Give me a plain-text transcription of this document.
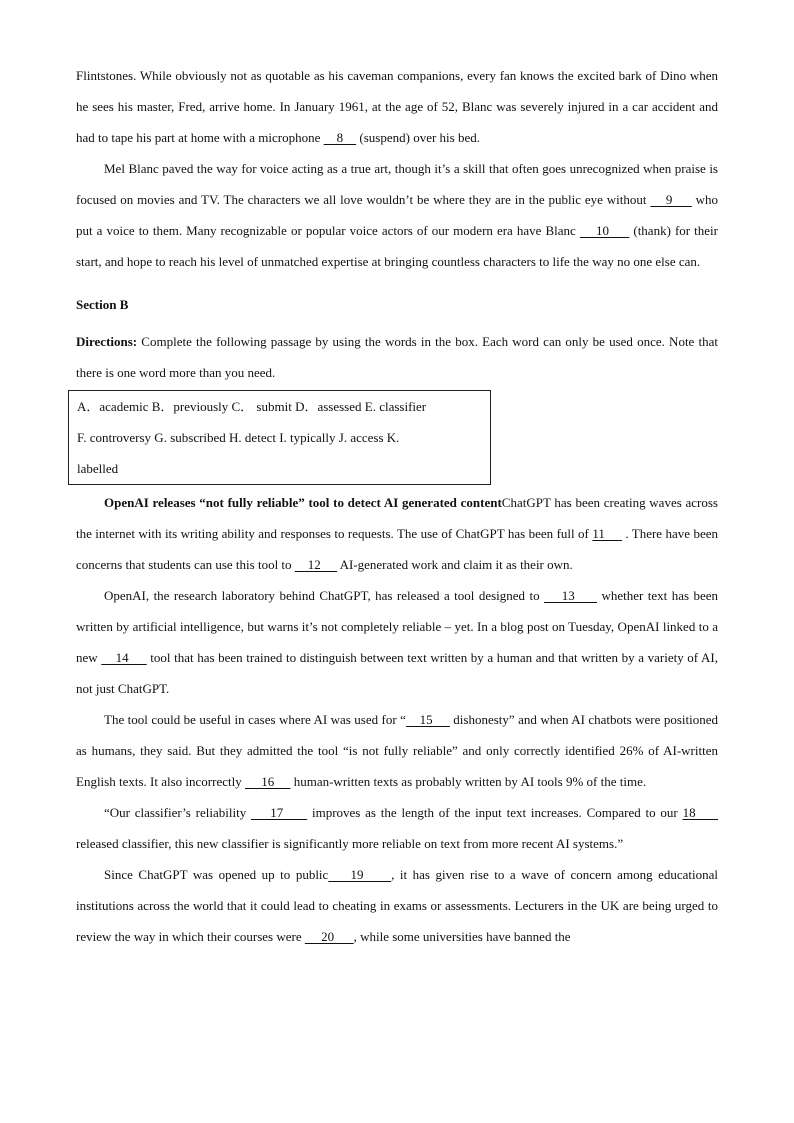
Flintstones. While obviously not as quotable as his caveman companions, every fan knows the excited bark of Dino when he sees his master, Fred, arrive home. In January 1961, at the age of 52, Blanc was severely injured in a car accident and had to tape his part at home with a microphone     8     (suspend) over his bed.

Mel Blanc paved the way for voice acting as a true art, though it’s a skill that often goes unrecognized when praise is focused on movies and TV. The characters we all love wouldn’t be where they are in the public eye without     9      who put a voice to them. Many recognizable or popular voice actors of our modern era have Blanc     10      (thank) for their start, and hope to reach his level of unmatched expertise at bringing countless characters to life the way no one else can.

Section B

Directions: Complete the following passage by using the words in the box. Each word can only be used once. Note that there is one word more than you need.

A．academic B．previously C． submit D．assessed E. classifier

F. controversy G. subscribed H. detect I. typically J. access K.

labelled

OpenAI releases “not fully reliable” tool to detect AI generated contentChatGPT has been creating waves across the internet with its writing ability and responses to requests. The use of ChatGPT has been full of 11      . There have been concerns that students can use this tool to     12      AI-generated work and claim it as their own.

OpenAI, the research laboratory behind ChatGPT, has released a tool designed to     13      whether text has been written by artificial intelligence, but warns it’s not completely reliable – yet. In a blog post on Tuesday, OpenAI linked to a new     14      tool that has been trained to distinguish between text written by a human and that written by a variety of AI, not just ChatGPT.

The tool could be useful in cases where AI was used for “    15      dishonesty” and when AI chatbots were positioned as humans, they said. But they admitted the tool “is not fully reliable” and only correctly identified 26% of AI-written English texts. It also incorrectly      16      human-written texts as probably written by AI tools 9% of the time.

“Our classifier’s reliability     17      improves as the length of the input text increases. Compared to our 18      released classifier, this new classifier is significantly more reliable on text from more recent AI systems.”

Since ChatGPT was opened up to public    19     , it has given rise to a wave of concern among educational institutions across the world that it could lead to cheating in exams or assessments. Lecturers in the UK are being urged to review the way in which their courses were      20      , while some universities have banned the
